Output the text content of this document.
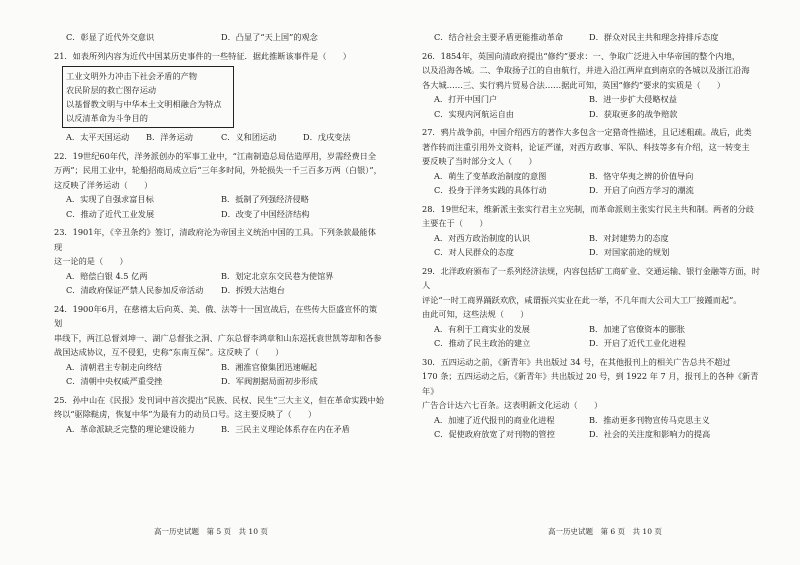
C．彰显了近代外交意识	D．凸显了“天上国”的观念

21．如表所列内容为近代中国某历史事件的一些特征．据此推断该事件是（　　）

工业文明外力冲击下社会矛盾的产物
农民阶层的救亡图存运动
以基督教文明与中华本土文明相融合为特点
以反清革命为斗争目的
A．太平天国运动	B．洋务运动	C．义和团运动	D．戊戌变法

22．19世纪60年代，洋务派创办的军事工业中，“江南制造总局估造厚用，岁需经费日全万两”；民用工业中，轮船招商局成立后“三年多时间，外轮损失一千三百多万两（白银）”，

这反映了洋务运动（　　）

A．实现了自强求富目标	B．抵制了列强经济侵略
C．推动了近代工业发展	D．改变了中国经济结构

23．1901年，《辛丑条约》签订，清政府沦为帝国主义统治中国的工具。下列条款最能体现

这一论的是（　　）

A．赔偿白银 4.5 亿两	B．划定北京东交民巷为使馆界
C．清政府保证严禁人民参加反帝活动	D．拆毁大沽炮台

24．1900年6月，在慈禧太后向英、美、俄、法等十一国宣战后，在些传大臣盛宣怀的策划

串线下，两江总督刘坤一、湖广总督张之洞、广东总督李鸿章和山东巡抚袁世凯等却和各参

战国达成协议，互不侵犯，史称“东南互保”。这反映了（　　）

A．清朝君主专制走向终结	B．湘淮官僚集团迅速崛起
C．清朝中央权威严重受挫	D．军阀割据局面初步形成

25．孙中山在《民报》发刊词中首次提出“民族、民权、民生”三大主义，但在革命实践中始

终以“驱除鞑虏，恢复中华”为最有力的动员口号。这主要反映了（　　）

A．革命派缺乏完整的理论建设能力	B．三民主义理论体系存在内在矛盾
高一历史试题　第 5 页　共 10 页
C．结合社会主要矛盾更能推动革命	D．群众对民主共和理念持排斥态度

26．1854年，英国向清政府提出“修约”要求：一、争取广泛进入中华帝国的整个内地，

以及沿海各城。二、争取扬子江的自由航行，并进入沿江两岸直到南京的各城以及浙江沿海

各大城……三、实行鸦片贸易合法……据此可知，英国“修约”要求的实质是（　　）

A．打开中国门户	B．进一步扩大侵略权益
C．实现内河航运自由	D．获取更多的战争赔款

27．鸦片战争前，中国介绍西方的著作大多包含一定猎奇性描述，且记述粗疏。战后，此类

著作转而注重引用外文资料，论证严谨，对西方政事、军队、科技等多有介绍，这一转变主

要反映了当时部分文人（　　）

A．萌生了变革政治制度的意图	B．恪守华夷之辨的价值导向
C．投身于洋务实践的具体行动	D．开启了向西方学习的潮流

28．19世纪末，维新派主张实行君主立宪制，而革命派则主张实行民主共和制。两者的分歧

主要在于（　　）

A．对西方政治制度的认识	B．对封建势力的态度
C．对人民群众的态度	D．对国家前途的规划

29．北洋政府颁布了一系列经济法规，内容包括矿工商矿业、交通运输、银行金融等方面，时人

评论“一时工商界踊跃欢欣，咸谓振兴实业在此一举，不几年而大公司大工厂接踵而起”。

由此可知，这些法规（　　）

A．有利于工商实业的发展	B．加速了官僚资本的膨胀
C．推动了民主政治的建立	D．开启了近代工业化进程

30．五四运动之前，《新青年》共出版过 34 号，在其他报刊上的相关广告总共不超过

170 条；五四运动之后，《新青年》共出版过 20 号，到 1922 年 7 月，报刊上的各种《新青年》

广告合计达六七百条。这表明新文化运动（　　）

A．加速了近代报刊的商业化进程	B．推动更多刊物宣传马克思主义
C．促使政府放宽了对刊物的管控	D．社会的关注度和影响力的提高
高一历史试题　第 6 页　共 10 页
